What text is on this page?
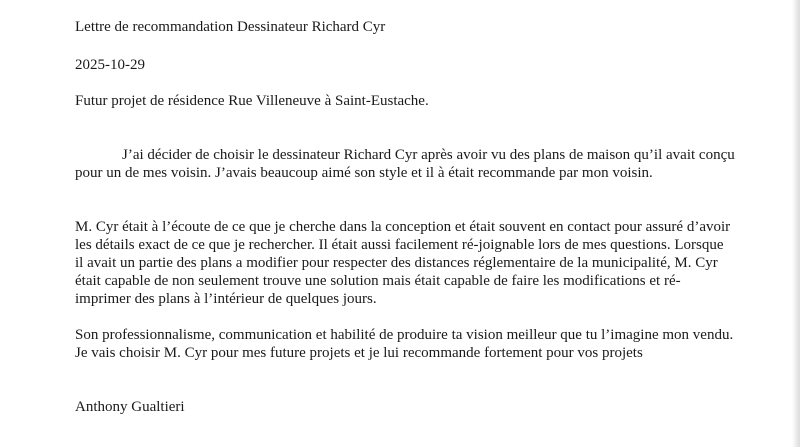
Lettre de recommandation Dessinateur Richard Cyr
2025-10-29
Futur projet de résidence Rue Villeneuve à Saint-Eustache.

J’ai décider de choisir le dessinateur Richard Cyr après avoir vu des plans de maison qu’il avait conçu pour un de mes voisin. J’avais beaucoup aimé son style et il à était recommande par mon voisin.

M. Cyr était à l’écoute de ce que je cherche dans la conception et était souvent en contact pour assuré d’avoir les détails exact de ce que je rechercher. Il était aussi facilement ré-joignable lors de mes questions. Lorsque il avait un partie des plans a modifier pour respecter des distances réglementaire de la municipalité, M. Cyr était capable de non seulement trouve une solution mais était capable de faire les modifications et ré-imprimer des plans à l’intérieur de quelques jours.

Son professionnalisme, communication et habilité de produire ta vision meilleur que tu l’imagine mon vendu. Je vais choisir M. Cyr pour mes future projets et je lui recommande fortement pour vos projets

Anthony Gualtieri
